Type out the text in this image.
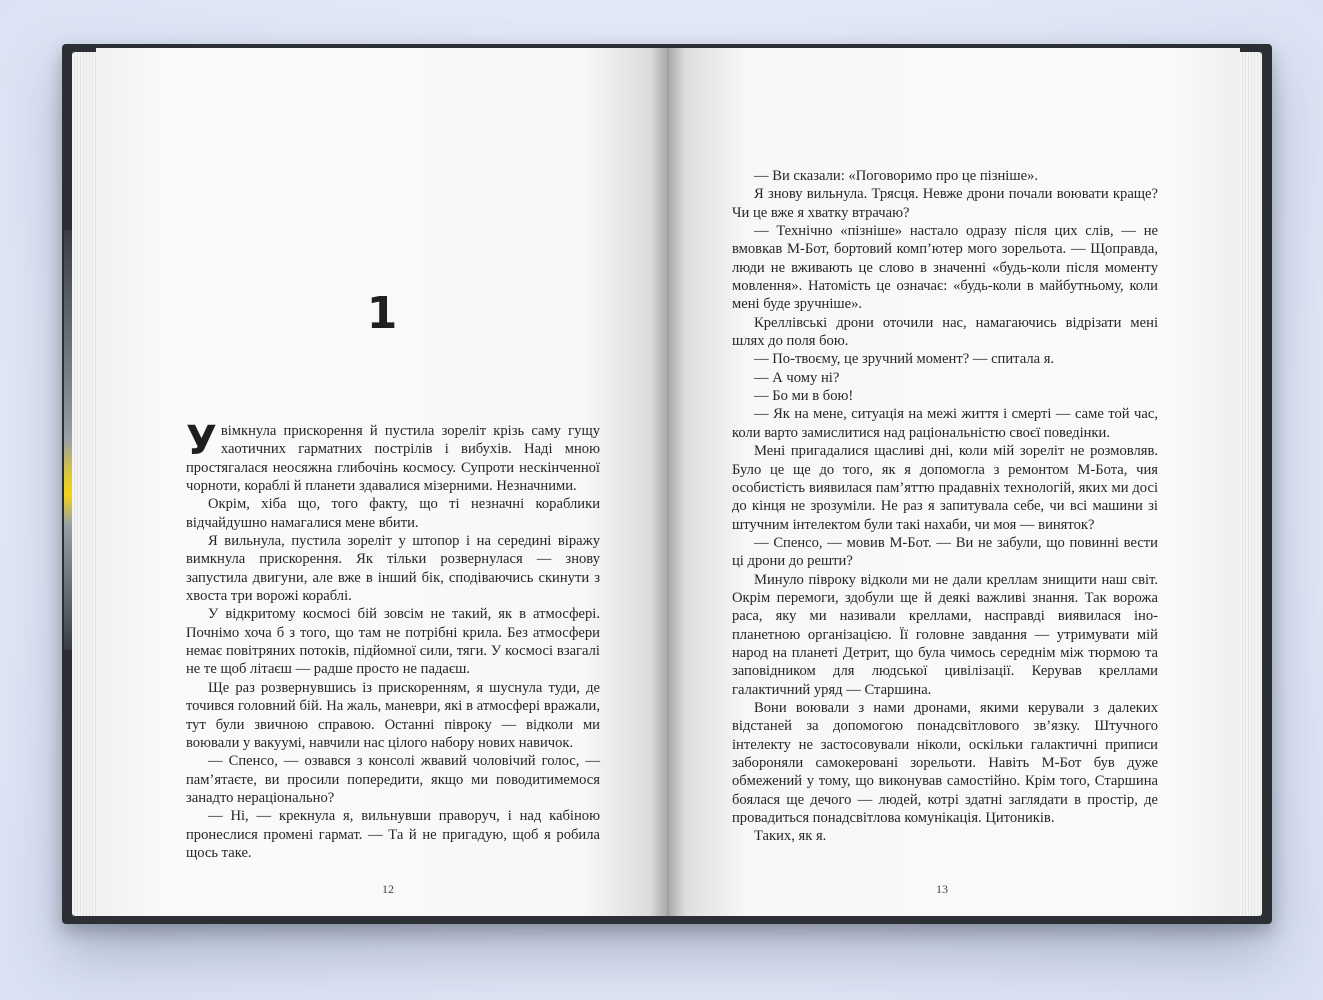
1

Увімкнула прискорення й пустила зореліт крізь саму гущу хаотичних гарматних пострілів і вибухів. Наді мною простягалася неосяжна глибочінь космосу. Супроти нескінченної чорноти, кораблі й планети здавалися мізерними. Незначними.

Окрім, хіба що, того факту, що ті незначні кораблики відчайдушно намагалися мене вбити.

Я вильнула, пустила зореліт у штопор і на середині віражу вимкнула прискорення. Як тільки розвернулася — знову запустила двигуни, але вже в інший бік, сподіваючись скинути з хвоста три ворожі кораблі.

У відкритому космосі бій зовсім не такий, як в атмосфері. Почнімо хоча б з того, що там не потрібні крила. Без атмосфери немає повітряних потоків, підйомної сили, тяги. У космосі взагалі не те щоб літаєш — радше просто не падаєш.

Ще раз розвернувшись із прискоренням, я шуснула туди, де точився головний бій. На жаль, маневри, які в атмосфері вражали, тут були звичною справою. Останні півроку — відколи ми воювали у вакуумі, навчили нас цілого набору нових навичок.

— Спенсо, — озвався з консолі жвавий чоловічий голос, — пам’ятаєте, ви просили попередити, якщо ми поводитимемося занадто нераціонально?

— Ні, — крекнула я, вильнувши праворуч, і над кабіною пронеслися промені гармат. — Та й не пригадую, щоб я робила щось таке.

12

— Ви сказали: «Поговоримо про це пізніше».

Я знову вильнула. Трясця. Невже дрони почали воювати краще? Чи це вже я хватку втрачаю?

— Технічно «пізніше» настало одразу після цих слів, — не вмовкав М-Бот, бортовий комп’ютер мого зорельота. — Щоправда, люди не вживають це слово в значенні «будь-коли після моменту мовлення». Натомість це означає: «будь-коли в майбутньому, коли мені буде зручніше».

Креллівські дрони оточили нас, намагаючись відрізати мені шлях до поля бою.

— По-твоєму, це зручний момент? — спитала я.

— А чому ні?

— Бо ми в бою!

— Як на мене, ситуація на межі життя і смерті — саме той час, коли варто замислитися над раціональністю своєї поведінки.

Мені пригадалися щасливі дні, коли мій зореліт не розмовляв. Було це ще до того, як я допомогла з ремонтом М-Бота, чия особистість виявилася пам’яттю прадавніх технологій, яких ми досі до кінця не зрозуміли. Не раз я запитувала себе, чи всі машини зі штучним інтелектом були такі нахаби, чи моя — виняток?

— Спенсо, — мовив М-Бот. — Ви не забули, що повинні вести ці дрони до решти?

Минуло півроку відколи ми не дали креллам знищити наш світ. Окрім перемоги, здобули ще й деякі важливі знання. Так ворожа раса, яку ми називали креллами, насправді виявилася іно-планетною організацією. Її головне завдання — утримувати мій народ на планеті Детрит, що була чимось середнім між тюрмою та заповідником для людської цивілізації. Керував креллами галактичний уряд — Старшина.

Вони воювали з нами дронами, якими керували з далеких відстаней за допомогою понадсвітлового зв’язку. Штучного інтелекту не застосовували ніколи, оскільки галактичні приписи забороняли самокеровані зорельоти. Навіть М-Бот був дуже обмежений у тому, що виконував самостійно. Крім того, Старшина боялася ще дечого — людей, котрі здатні заглядати в простір, де провадиться понадсвітлова комунікація. Цитоників.

Таких, як я.

13
